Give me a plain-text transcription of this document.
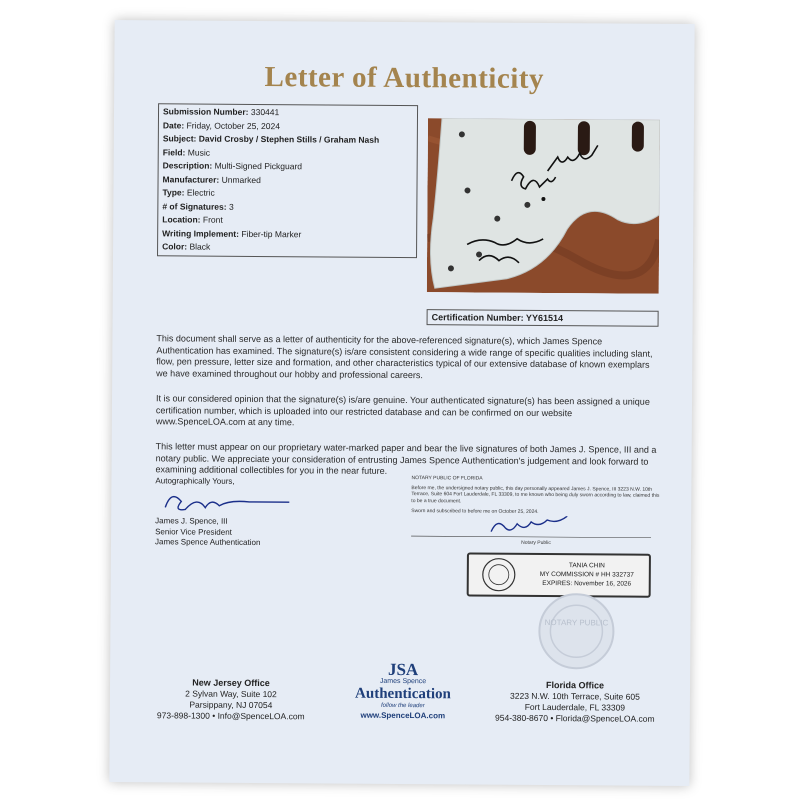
Letter of Authenticity
Submission Number: 330441
Date: Friday, October 25, 2024
Subject: David Crosby / Stephen Stills / Graham Nash
Field: Music
Description: Multi-Signed Pickguard
Manufacturer: Unmarked
Type: Electric
# of Signatures: 3
Location: Front
Writing Implement: Fiber-tip Marker
Color: Black
Certification Number: YY61514
This document shall serve as a letter of authenticity for the above-referenced signature(s), which James Spence Authentication has examined. The signature(s) is/are consistent considering a wide range of specific qualities including slant, flow, pen pressure, letter size and formation, and other characteristics typical of our extensive database of known exemplars we have examined throughout our hobby and professional careers.
It is our considered opinion that the signature(s) is/are genuine. Your authenticated signature(s) has been assigned a unique certification number, which is uploaded into our restricted database and can be confirmed on our website www.SpenceLOA.com at any time.
This letter must appear on our proprietary water-marked paper and bear the live signatures of both James J. Spence, III and a notary public. We appreciate your consideration of entrusting James Spence Authentication's judgement and look forward to examining additional collectibles for you in the near future.
Autographically Yours,
James J. Spence, III
Senior Vice President
James Spence Authentication
NOTARY PUBLIC OF FLORIDA
Before me, the undersigned notary public, this day personally appeared James J. Spence, III 3223 N.W. 10th Terrace, Suite 604 Fort Lauderdale, FL 33309, to me known who being duly sworn according to law, claimed this to be a true document.
Sworn and subscribed to before me on October 25, 2024.
Notary Public
TANIA CHIN
MY COMMISSION # HH 332737
EXPIRES: November 16, 2026
NOTARY PUBLIC
New Jersey Office
2 Sylvan Way, Suite 102
Parsippany, NJ 07054
973-898-1300 • Info@SpenceLOA.com
Florida Office
3223 N.W. 10th Terrace, Suite 605
Fort Lauderdale, FL 33309
954-380-8670 • Florida@SpenceLOA.com
JSA
James Spence
Authentication
follow the leader
www.SpenceLOA.com
